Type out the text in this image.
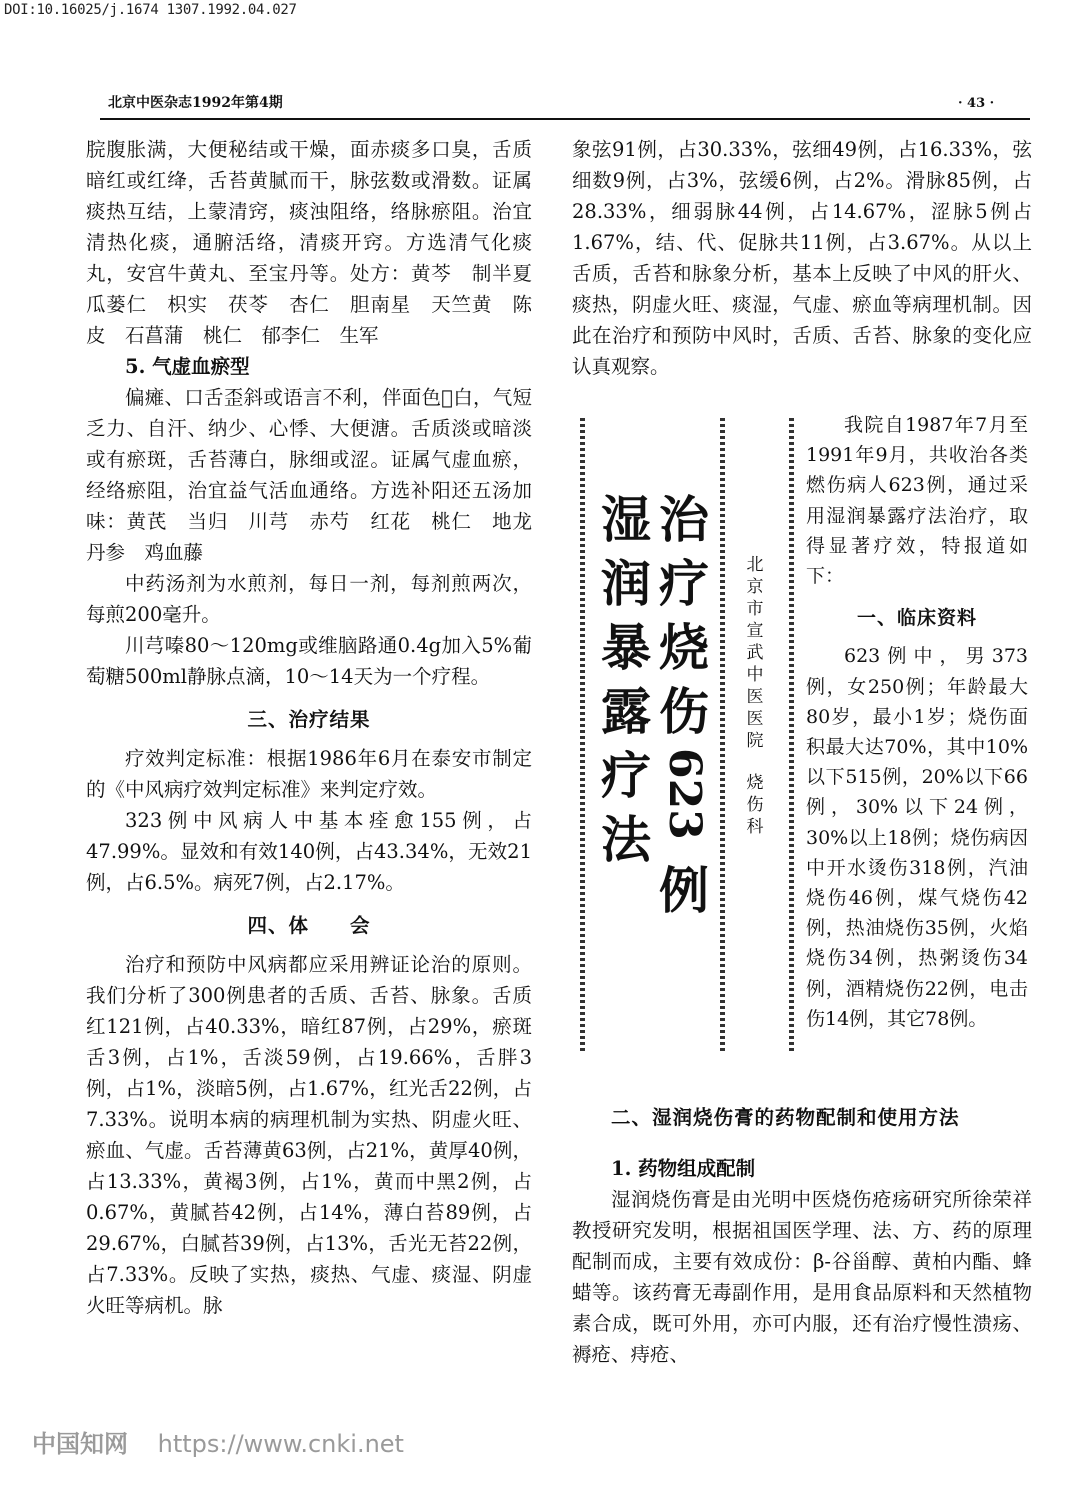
DOI:10.16025/j.1674 1307.1992.04.027
北京中医杂志1992年第4期	· 43 ·

脘腹胀满，大便秘结或干燥，面赤痰多口臭，舌质暗红或红绛，舌苔黄腻而干，脉弦数或滑数。证属痰热互结，上蒙清窍，痰浊阻络，络脉瘀阻。治宜清热化痰，通腑活络，清痰开窍。方选清气化痰丸，安宫牛黄丸、至宝丹等。处方：黄芩　制半夏　瓜蒌仁　枳实　茯苓　杏仁　胆南星　天竺黄　陈皮　石菖蒲　桃仁　郁李仁　生军

5. 气虚血瘀型

偏瘫、口舌歪斜或语言不利，伴面色𪼛白，气短乏力、自汗、纳少、心悸、大便溏。舌质淡或暗淡或有瘀斑，舌苔薄白，脉细或涩。证属气虚血瘀，经络瘀阻，治宜益气活血通络。方选补阳还五汤加味：黄芪　当归　川芎　赤芍　红花　桃仁　地龙　丹参　鸡血藤

中药汤剂为水煎剂，每日一剂，每剂煎两次，每煎200毫升。

川芎嗪80～120mg或维脑路通0.4g加入5%葡萄糖500ml静脉点滴，10～14天为一个疗程。

三、治疗结果

疗效判定标准：根据1986年6月在泰安市制定的《中风病疗效判定标准》来判定疗效。

323例中风病人中基本痊愈155例，占47.99%。显效和有效140例，占43.34%，无效21例，占6.5%。病死7例，占2.17%。

四、体　　会

治疗和预防中风病都应采用辨证论治的原则。我们分析了300例患者的舌质、舌苔、脉象。舌质红121例，占40.33%，暗红87例，占29%，瘀斑舌3例，占1%，舌淡59例，占19.66%，舌胖3例，占1%，淡暗5例，占1.67%，红光舌22例，占7.33%。说明本病的病理机制为实热、阴虚火旺、瘀血、气虚。舌苔薄黄63例，占21%，黄厚40例，占13.33%，黄褐3例，占1%，黄而中黑2例，占0.67%，黄腻苔42例，占14%，薄白苔89例，占29.67%，白腻苔39例，占13%，舌光无苔22例，占7.33%。反映了实热，痰热、气虚、痰湿、阴虚火旺等病机。脉

象弦91例，占30.33%，弦细49例，占16.33%，弦细数9例，占3%，弦缓6例，占2%。滑脉85例，占28.33%，细弱脉44例，占14.67%，涩脉5例占1.67%，结、代、促脉共11例，占3.67%。从以上舌质，舌苔和脉象分析，基本上反映了中风的肝火、痰热，阴虚火旺、痰湿，气虚、瘀血等病理机制。因此在治疗和预防中风时，舌质、舌苔、脉象的变化应认真观察。

治
疗
烧
伤
623
例
湿
润
暴
露
疗
法
北
京
市
宣
武
中
医
医
院
烧
伤
科

我院自1987年7月至1991年9月，共收治各类燃伤病人623例，通过采用湿润暴露疗法治疗，取得显著疗效，特报道如下：

一、临床资料

623例中，男373例，女250例；年龄最大80岁，最小1岁；烧伤面积最大达70%，其中10%以下515例，20%以下66例，30%以下24例，30%以上18例；烧伤病因中开水烫伤318例，汽油烧伤46例，煤气烧伤42例，热油烧伤35例，火焰烧伤34例，热粥烫伤34例，酒精烧伤22例，电击伤14例，其它78例。

二、湿润烧伤膏的药物配制和使用方法

1. 药物组成配制

湿润烧伤膏是由光明中医烧伤疮疡研究所徐荣祥教授研究发明，根据祖国医学理、法、方、药的原理配制而成，主要有效成份：β-谷甾醇、黄柏内酯、蜂蜡等。该药膏无毒副作用，是用食品原料和天然植物素合成，既可外用，亦可内服，还有治疗慢性溃疡、褥疮、痔疮、

中国知网 https://www.cnki.net
